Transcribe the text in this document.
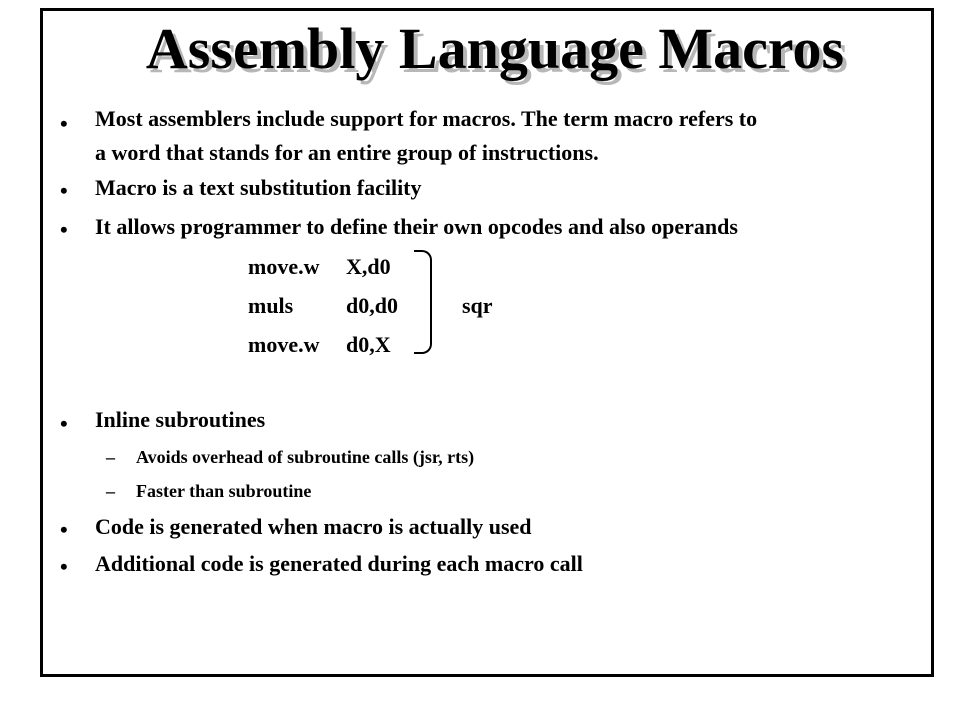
Assembly Language Macros
• Most assemblers include support for macros. The term macro refers to
a word that stands for an entire group of instructions.
• Macro is a text substitution facility
• It allows programmer to define their own opcodes and also operands
move.w X,d0
muls d0,d0
move.w d0,X
sqr
• Inline subroutines
– Avoids overhead of subroutine calls (jsr, rts)
– Faster than subroutine
• Code is generated when macro is actually used
• Additional code is generated during each macro call
